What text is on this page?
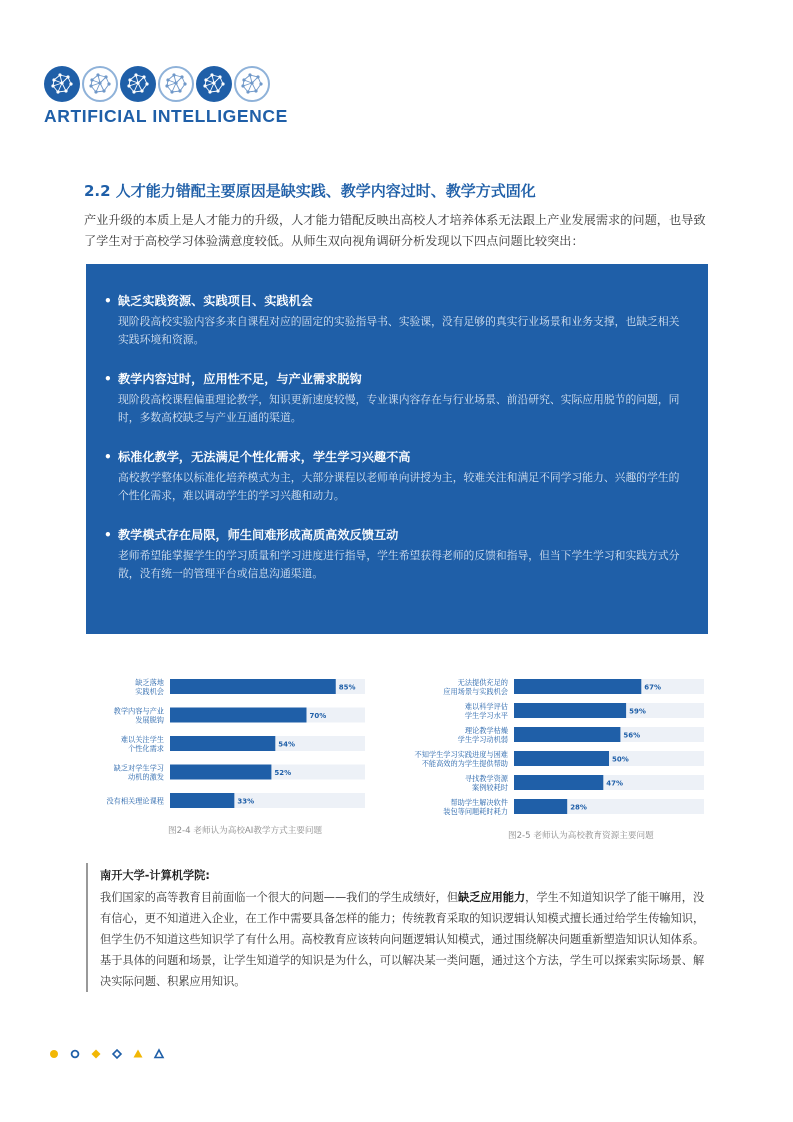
ARTIFICIAL INTELLIGENCE
2.2 人才能力错配主要原因是缺实践、教学内容过时、教学方式固化
产业升级的本质上是人才能力的升级，人才能力错配反映出高校人才培养体系无法跟上产业发展需求的问题，也导致了学生对于高校学习体验满意度较低。从师生双向视角调研分析发现以下四点问题比较突出：
• 缺乏实践资源、实践项目、实践机会
现阶段高校实验内容多来自课程对应的固定的实验指导书、实验课，没有足够的真实行业场景和业务支撑，也缺乏相关实践环境和资源。
• 教学内容过时，应用性不足，与产业需求脱钩
现阶段高校课程偏重理论教学，知识更新速度较慢，专业课内容存在与行业场景、前沿研究、实际应用脱节的问题，同时，多数高校缺乏与产业互通的渠道。
• 标准化教学，无法满足个性化需求，学生学习兴趣不高
高校教学整体以标准化培养模式为主，大部分课程以老师单向讲授为主，较难关注和满足不同学习能力、兴趣的学生的个性化需求，难以调动学生的学习兴趣和动力。
• 教学模式存在局限，师生间难形成高质高效反馈互动
老师希望能掌握学生的学习质量和学习进度进行指导，学生希望获得老师的反馈和指导，但当下学生学习和实践方式分散，没有统一的管理平台或信息沟通渠道。
85%
缺乏落地
实践机会
70%
教学内容与产业
发展脱钩
54%
难以关注学生
个性化需求
52%
缺乏对学生学习
动机的激发
33%
没有相关理论课程
图2-4 老师认为高校AI教学方式主要问题
67%
无法提供充足的
应用场景与实践机会
59%
难以科学评估
学生学习水平
56%
理论教学枯燥
学生学习动机弱
50%
不知学生学习实践进度与困难
不能高效的为学生提供帮助
47%
寻找教学资源
案例较耗时
28%
帮助学生解决软件
装包等问题耗时耗力
图2-5 老师认为高校教育资源主要问题
南开大学-计算机学院:
我们国家的高等教育目前面临一个很大的问题——我们的学生成绩好，但缺乏应用能力，学生不知道知识学了能干嘛用，没有信心，更不知道进入企业，在工作中需要具备怎样的能力；传统教育采取的知识逻辑认知模式擅长通过给学生传输知识，但学生仍不知道这些知识学了有什么用。高校教育应该转向问题逻辑认知模式，通过围绕解决问题重新塑造知识认知体系。基于具体的问题和场景，让学生知道学的知识是为什么，可以解决某一类问题，通过这个方法，学生可以探索实际场景、解决实际问题、积累应用知识。
